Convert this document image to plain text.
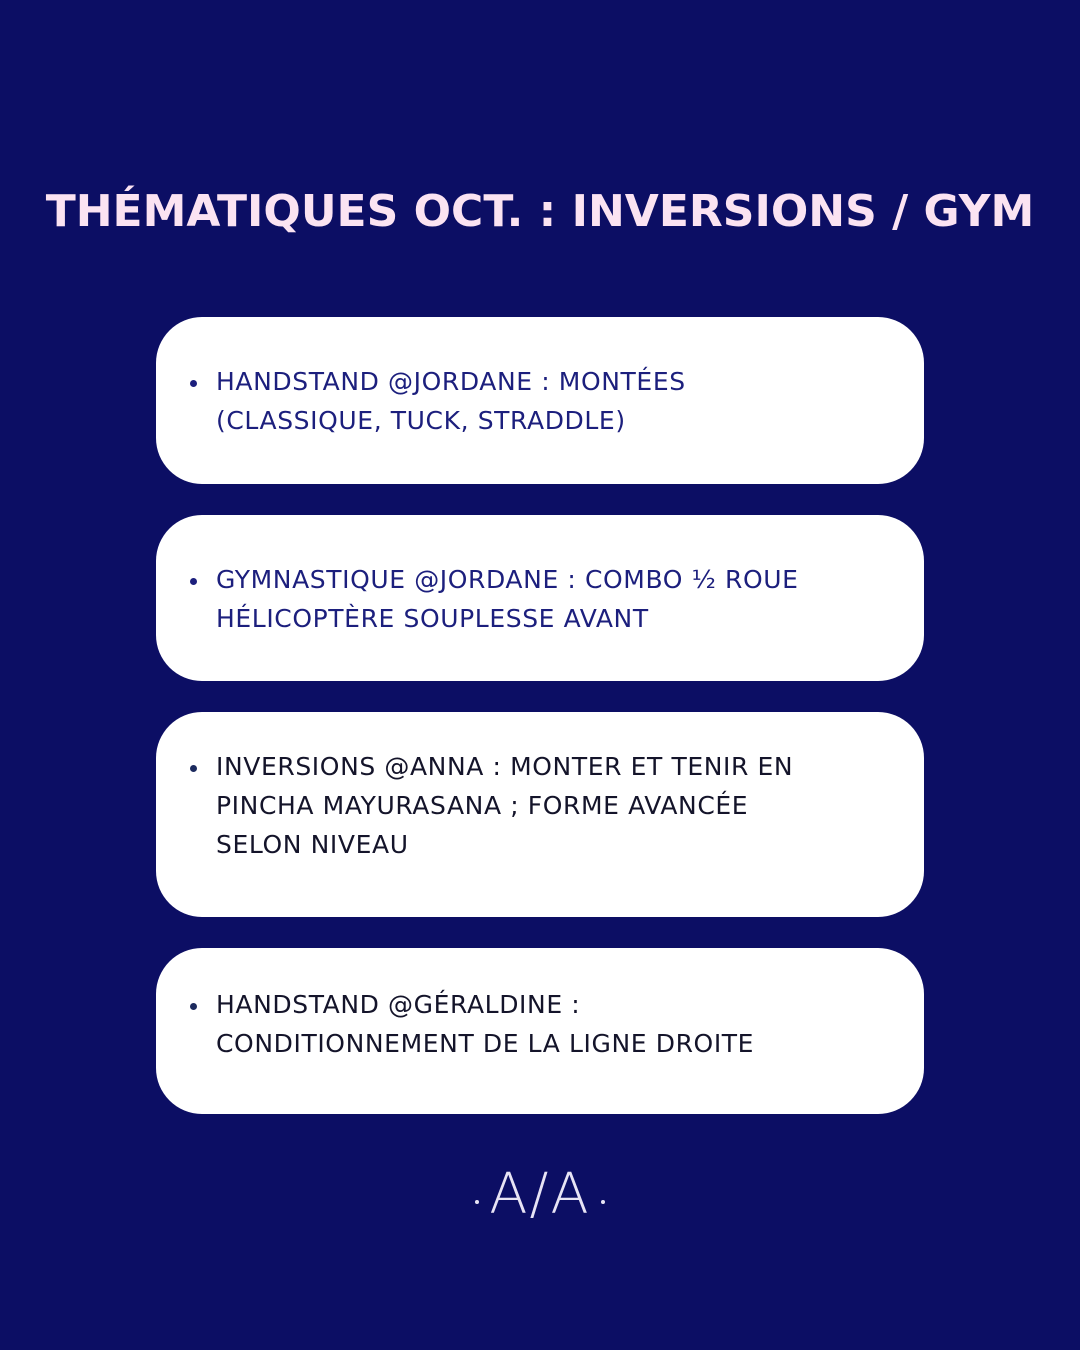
THÉMATIQUES OCT. : INVERSIONS / GYM
HANDSTAND @JORDANE : MONTÉES
(CLASSIQUE, TUCK, STRADDLE)
GYMNASTIQUE @JORDANE : COMBO ½ ROUE
HÉLICOPTÈRE SOUPLESSE AVANT
INVERSIONS @ANNA : MONTER ET TENIR EN
PINCHA MAYURASANA ; FORME AVANCÉE
SELON NIVEAU
HANDSTAND @GÉRALDINE :
CONDITIONNEMENT DE LA LIGNE DROITE
A/A
